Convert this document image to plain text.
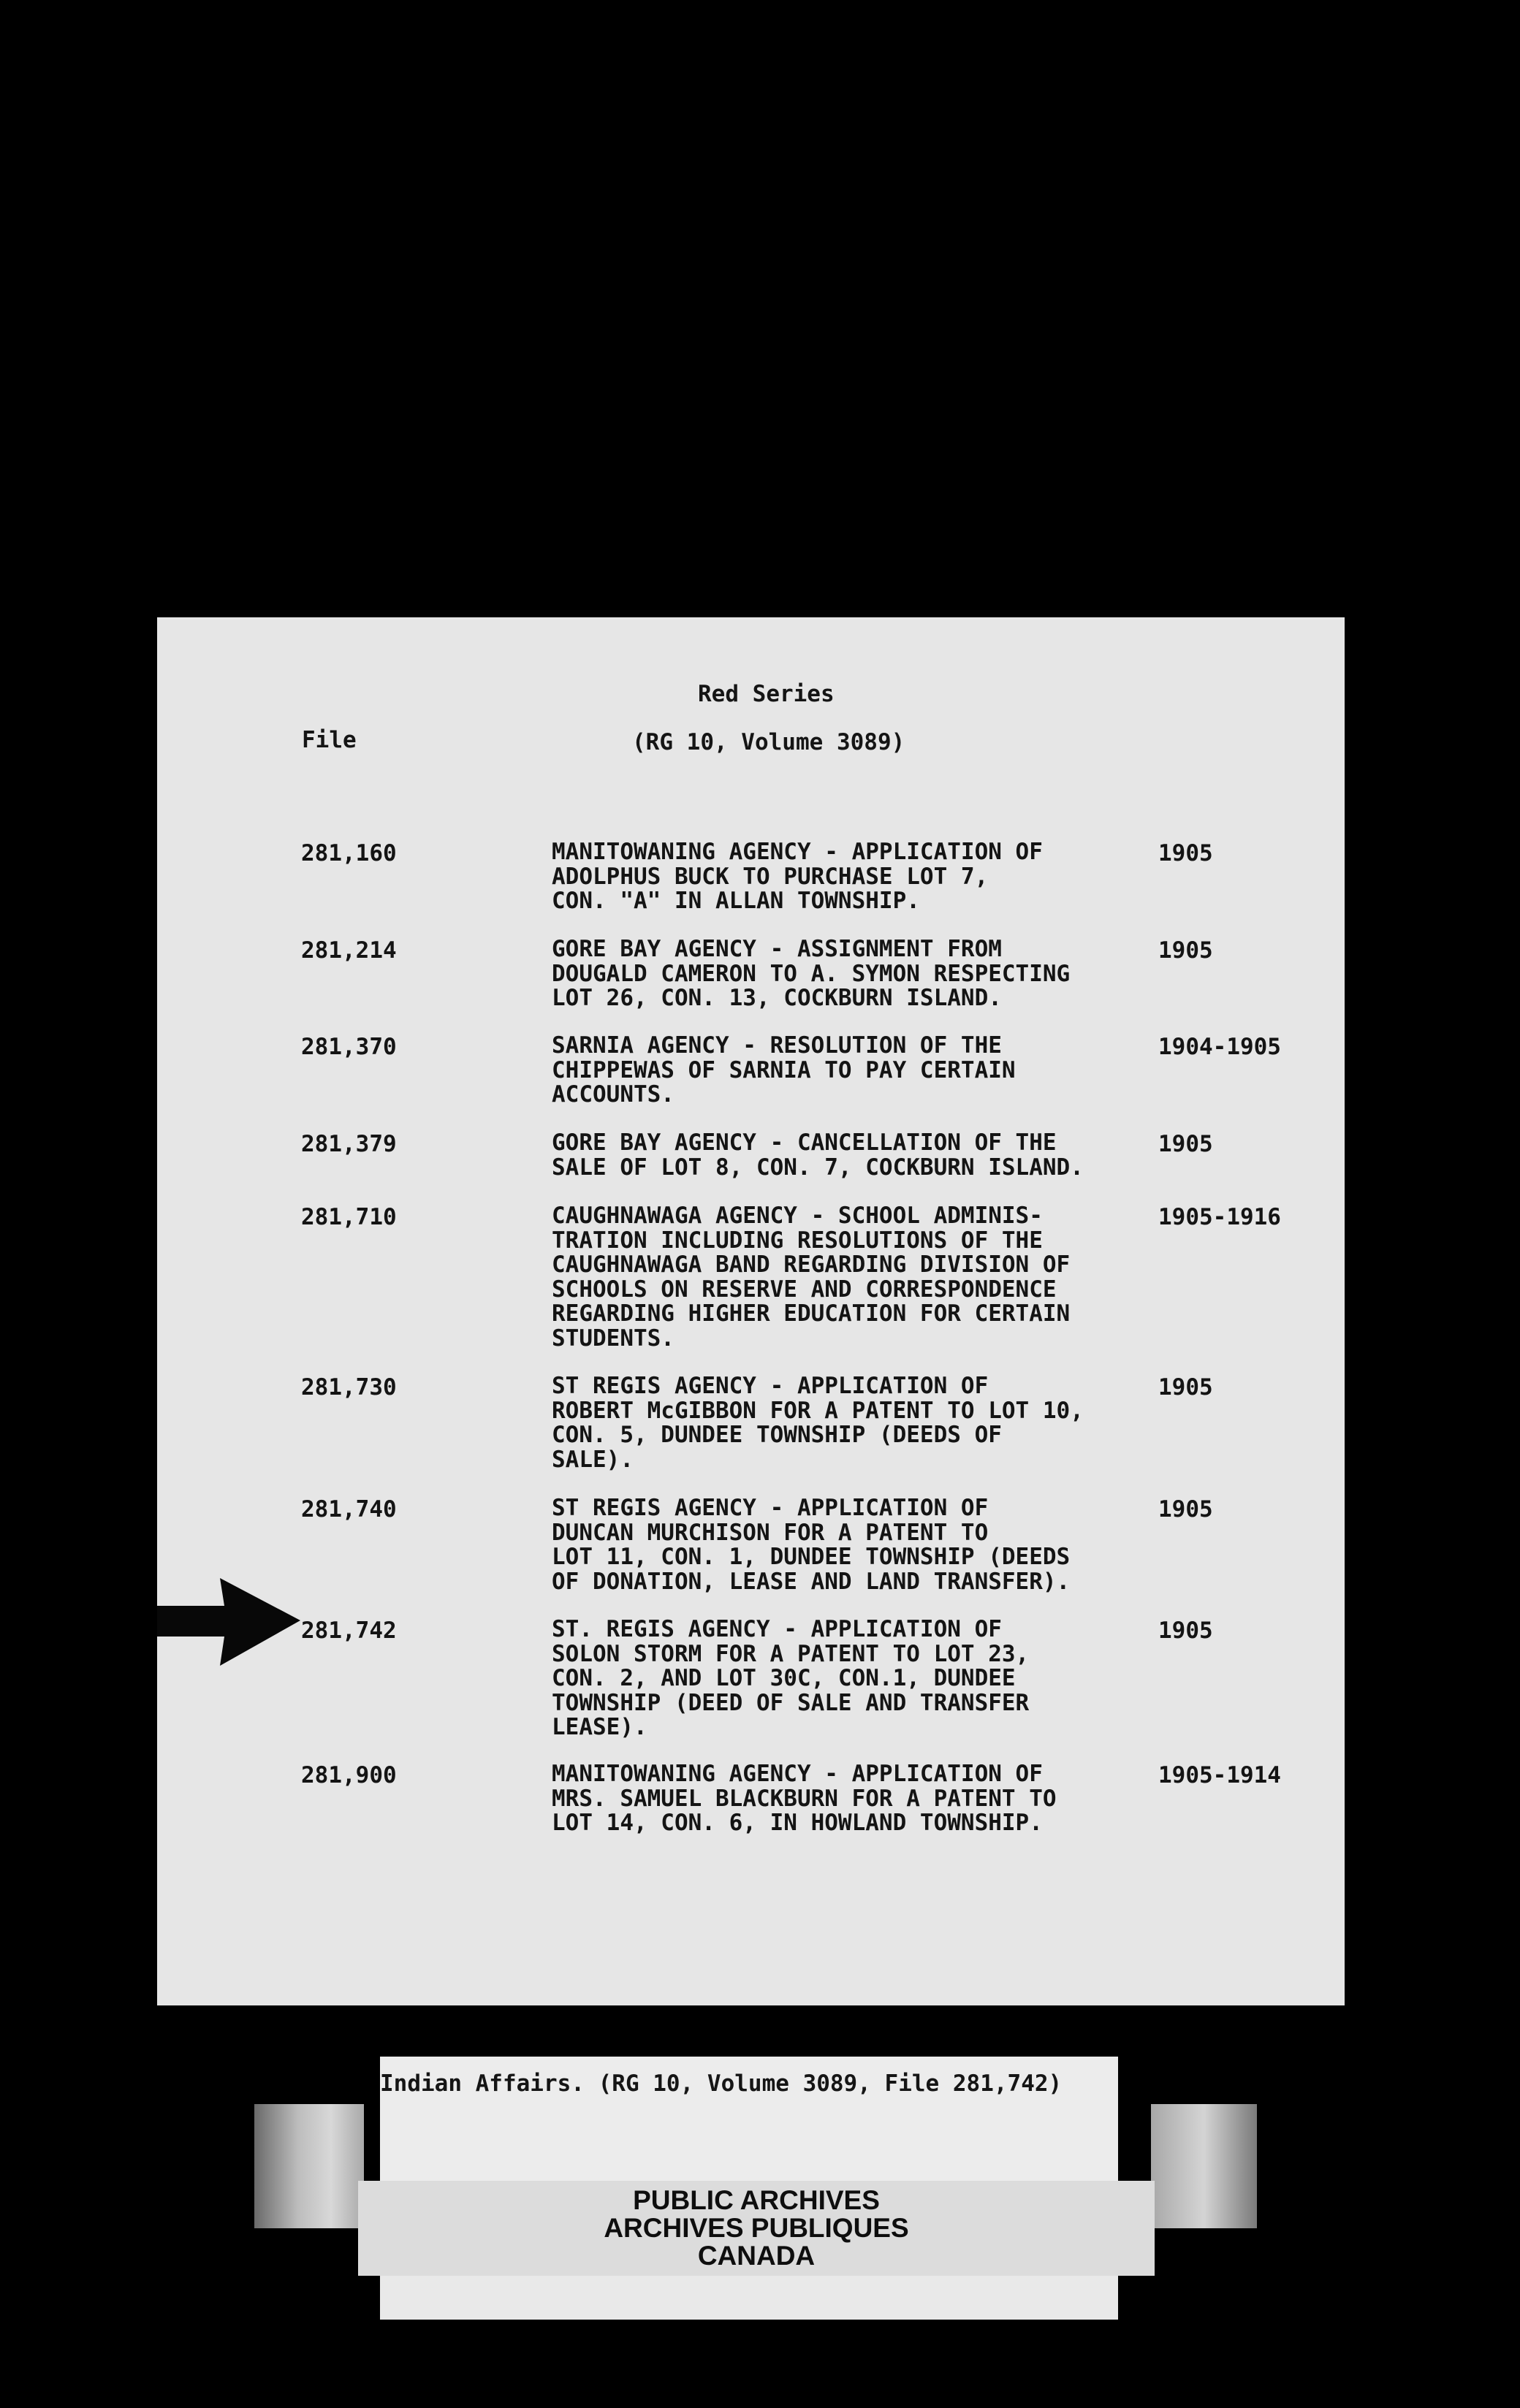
Red Series
File	(RG 10, Volume 3089)
281,160	MANITOWANING AGENCY - APPLICATION OF
ADOLPHUS BUCK TO PURCHASE LOT 7,
CON. "A" IN ALLAN TOWNSHIP.
1905
281,214	GORE BAY AGENCY - ASSIGNMENT FROM
DOUGALD CAMERON TO A. SYMON RESPECTING
LOT 26, CON. 13, COCKBURN ISLAND.
1905
281,370	SARNIA AGENCY - RESOLUTION OF THE
CHIPPEWAS OF SARNIA TO PAY CERTAIN
ACCOUNTS.
1904-1905
281,379	GORE BAY AGENCY - CANCELLATION OF THE
SALE OF LOT 8, CON. 7, COCKBURN ISLAND.
1905
281,710	CAUGHNAWAGA AGENCY - SCHOOL ADMINIS-
TRATION INCLUDING RESOLUTIONS OF THE
CAUGHNAWAGA BAND REGARDING DIVISION OF
SCHOOLS ON RESERVE AND CORRESPONDENCE
REGARDING HIGHER EDUCATION FOR CERTAIN
STUDENTS.
1905-1916
281,730	ST REGIS AGENCY - APPLICATION OF
ROBERT McGIBBON FOR A PATENT TO LOT 10,
CON. 5, DUNDEE TOWNSHIP (DEEDS OF
SALE).
1905
281,740	ST REGIS AGENCY - APPLICATION OF
DUNCAN MURCHISON FOR A PATENT TO
LOT 11, CON. 1, DUNDEE TOWNSHIP (DEEDS
OF DONATION, LEASE AND LAND TRANSFER).
1905
281,742	ST. REGIS AGENCY - APPLICATION OF
SOLON STORM FOR A PATENT TO LOT 23,
CON. 2, AND LOT 30C, CON.1, DUNDEE
TOWNSHIP (DEED OF SALE AND TRANSFER
LEASE).
1905
281,900	MANITOWANING AGENCY - APPLICATION OF
MRS. SAMUEL BLACKBURN FOR A PATENT TO
LOT 14, CON. 6, IN HOWLAND TOWNSHIP.
1905-1914
Indian Affairs. (RG 10, Volume 3089, File 281,742)
PUBLIC ARCHIVES
ARCHIVES PUBLIQUES
CANADA
